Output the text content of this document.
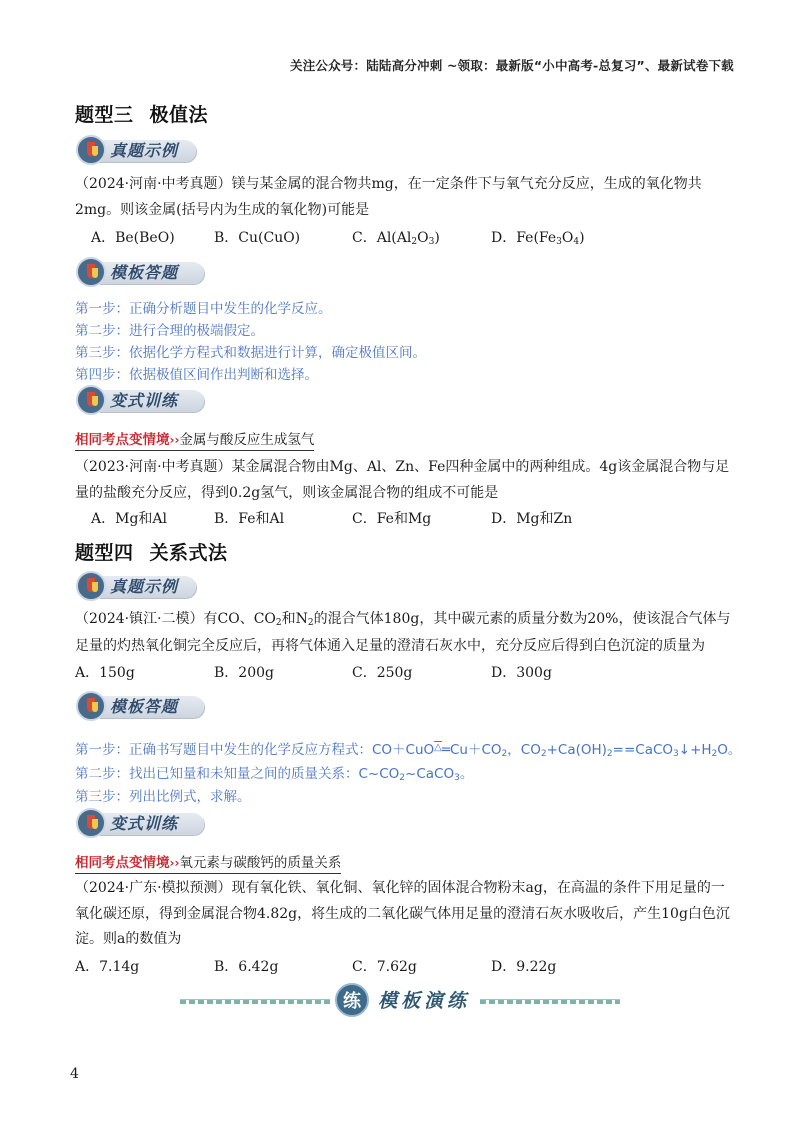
关注公众号：陆陆高分冲刺 ~领取：最新版“小中高考-总复习”、最新试卷下载
题型三 极值法
真题示例
（2024·河南·中考真题）镁与某金属的混合物共mg，在一定条件下与氧气充分反应，生成的氧化物共
2mg。则该金属(括号内为生成的氧化物)可能是
A．Be(BeO)	B．Cu(CuO)	C．$Al(Al_2O_3)$	D．$Fe(Fe_3O_4)$
模板答题
第一步：正确分析题目中发生的化学反应。
第二步：进行合理的极端假定。
第三步：依据化学方程式和数据进行计算，确定极值区间。
第四步：依据极值区间作出判断和选择。
变式训练
相同考点变情境››金属与酸反应生成氢气
（2023·河南·中考真题）某金属混合物由Mg、Al、Zn、Fe四种金属中的两种组成。4g该金属混合物与足
量的盐酸充分反应，得到0.2g氢气，则该金属混合物的组成不可能是
A．Mg和Al	B．Fe和Al	C．Fe和Mg	D．Mg和Zn
题型四 关系式法
真题示例
（2024·镇江·二模）有CO、$CO_2$和$N_2$的混合气体180g，其中碳元素的质量分数为20%，使该混合气体与
足量的灼热氧化铜完全反应后，再将气体通入足量的澄清石灰水中，充分反应后得到白色沉淀的质量为
A．150g	B．200g	C．250g	D．300g
模板答题
第一步：正确书写题目中发生的化学反应方程式：$CO+CuO\triangle═Cu+CO_2$，$CO_2+Ca(OH)_2==CaCO_3↓+H_2O$。
第二步：找出已知量和未知量之间的质量关系：$C\sim CO_2\sim CaCO_3$。
第三步：列出比例式，求解。
变式训练
相同考点变情境››氧元素与碳酸钙的质量关系
（2024·广东·模拟预测）现有氧化铁、氧化铜、氧化锌的固体混合物粉末ag，在高温的条件下用足量的一
氧化碳还原，得到金属混合物4.82g，将生成的二氧化碳气体用足量的澄清石灰水吸收后，产生10g白色沉
淀。则a的数值为
A．7.14g	B．6.42g	C．7.62g	D．9.22g
练 模板演练
4
